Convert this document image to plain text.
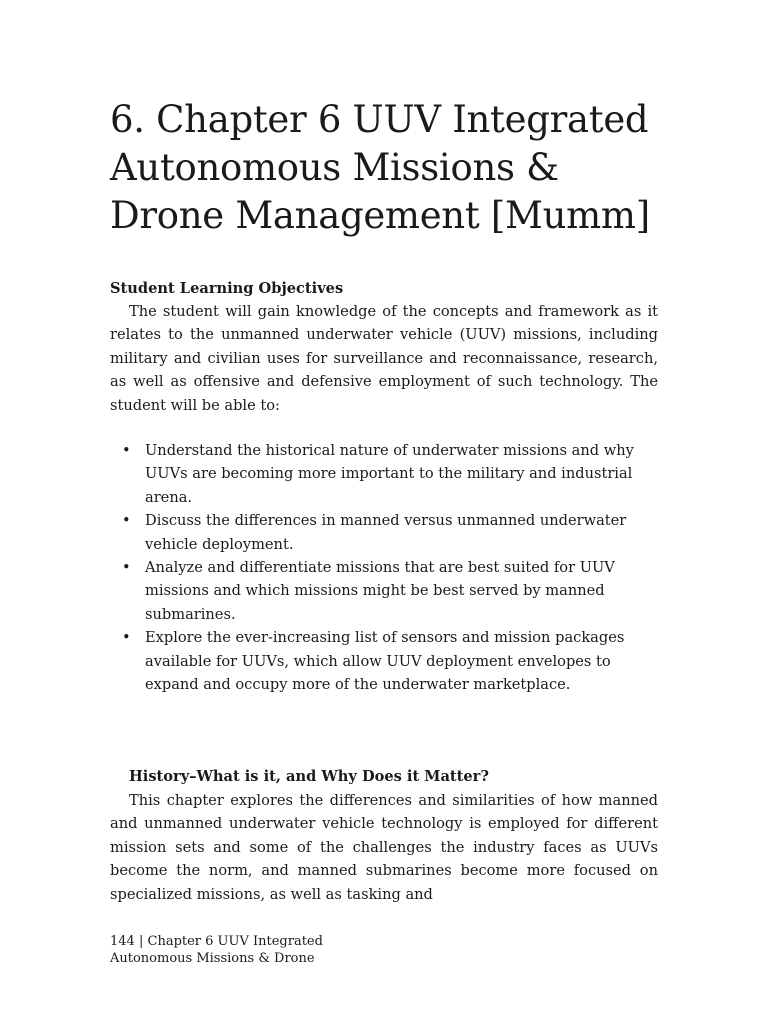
6. Chapter 6 UUV Integrated Autonomous Missions & Drone Management [Mumm]
Student Learning Objectives

The student will gain knowledge of the concepts and framework as it relates to the unmanned underwater vehicle (UUV) missions, including military and civilian uses for surveillance and reconnaissance, research, as well as offensive and defensive employment of such technology. The student will be able to:

• Understand the historical nature of underwater missions and why UUVs are becoming more important to the military and industrial arena.
• Discuss the differences in manned versus unmanned underwater vehicle deployment.
• Analyze and differentiate missions that are best suited for UUV missions and which missions might be best served by manned submarines.
• Explore the ever-increasing list of sensors and mission packages available for UUVs, which allow UUV deployment envelopes to expand and occupy more of the underwater marketplace.
History–What is it, and Why Does it Matter?

This chapter explores the differences and similarities of how manned and unmanned underwater vehicle technology is employed for different mission sets and some of the challenges the industry faces as UUVs become the norm, and manned submarines become more focused on specialized missions, as well as tasking and

144 | Chapter 6 UUV Integrated
Autonomous Missions & Drone
